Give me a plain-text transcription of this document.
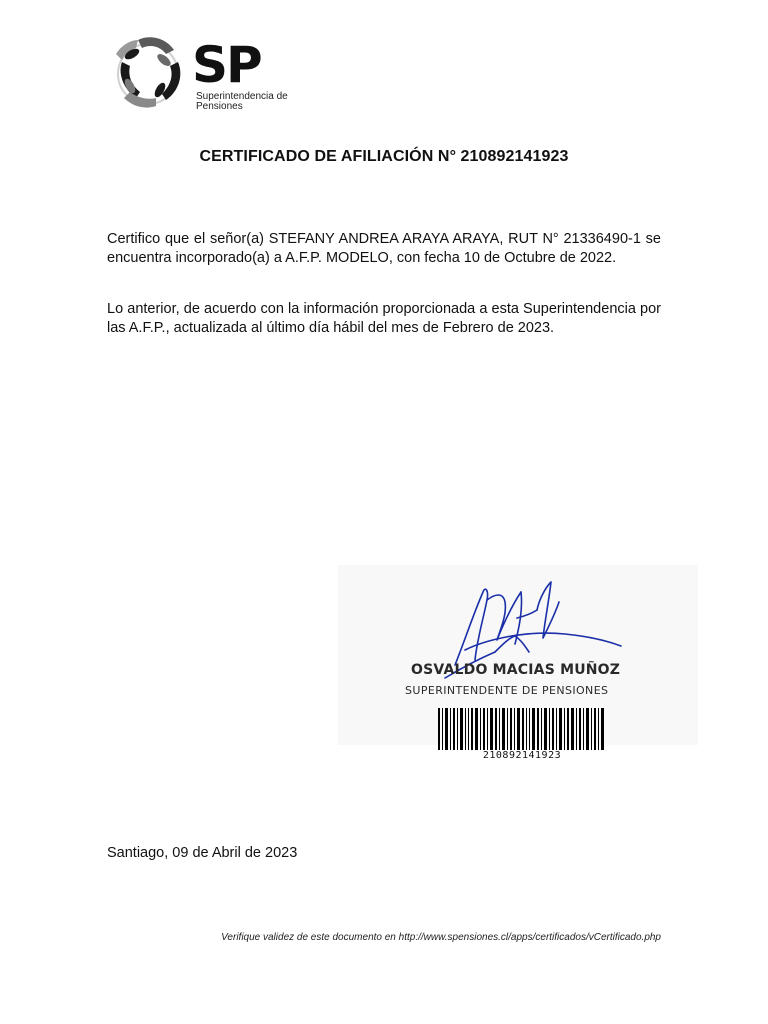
SP
Superintendencia de
Pensiones
CERTIFICADO DE AFILIACIÓN N° 210892141923

Certifico que el señor(a) STEFANY ANDREA ARAYA ARAYA, RUT N° 21336490-1 se encuentra incorporado(a) a A.F.P. MODELO, con fecha 10 de Octubre de 2022.

Lo anterior, de acuerdo con la información proporcionada a esta Superintendencia por las A.F.P., actualizada al último día hábil del mes de Febrero de 2023.

OSVALDO MACIAS MUÑOZ
SUPERINTENDENTE DE PENSIONES
210892141923
Santiago, 09 de Abril de 2023
Verifique validez de este documento en http://www.spensiones.cl/apps/certificados/vCertificado.php
